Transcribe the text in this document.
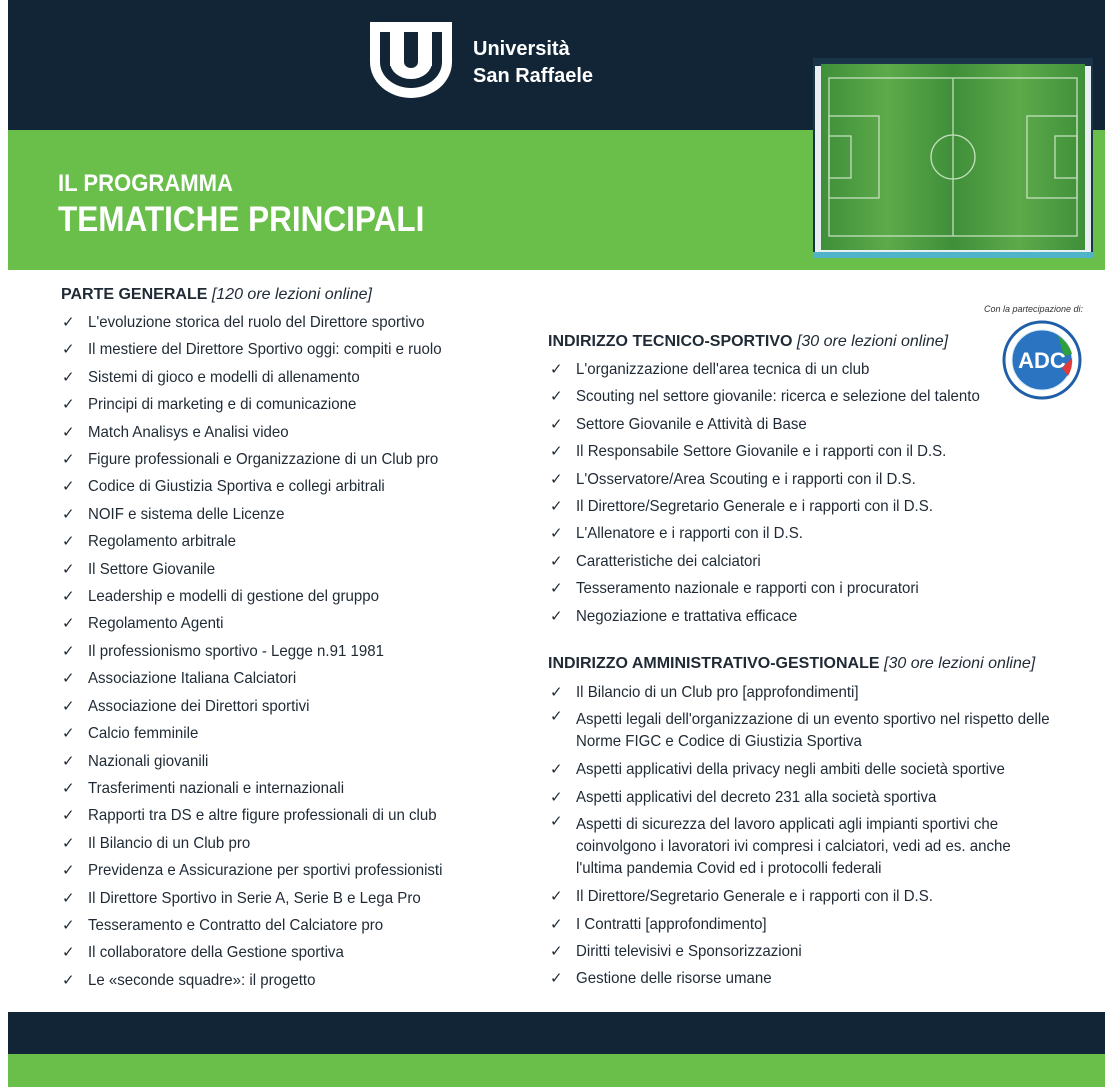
Università
San Raffaele
IL PROGRAMMA
TEMATICHE PRINCIPALI
PARTE GENERALE [120 ore lezioni online]
✓ L'evoluzione storica del ruolo del Direttore sportivo
✓ Il mestiere del Direttore Sportivo oggi: compiti e ruolo
✓ Sistemi di gioco e modelli di allenamento
✓ Principi di marketing e di comunicazione
✓ Match Analisys e Analisi video
✓ Figure professionali e Organizzazione di un Club pro
✓ Codice di Giustizia Sportiva e collegi arbitrali
✓ NOIF e sistema delle Licenze
✓ Regolamento arbitrale
✓ Il Settore Giovanile
✓ Leadership e modelli di gestione del gruppo
✓ Regolamento Agenti
✓ Il professionismo sportivo - Legge n.91 1981
✓ Associazione Italiana Calciatori
✓ Associazione dei Direttori sportivi
✓ Calcio femminile
✓ Nazionali giovanili
✓ Trasferimenti nazionali e internazionali
✓ Rapporti tra DS e altre figure professionali di un club
✓ Il Bilancio di un Club pro
✓ Previdenza e Assicurazione per sportivi professionisti
✓ Il Direttore Sportivo in Serie A, Serie B e Lega Pro
✓ Tesseramento e Contratto del Calciatore pro
✓ Il collaboratore della Gestione sportiva
✓ Le «seconde squadre»: il progetto
Con la partecipazione di:
ADC
INDIRIZZO TECNICO-SPORTIVO [30 ore lezioni online]
✓ L'organizzazione dell'area tecnica di un club
✓ Scouting nel settore giovanile: ricerca e selezione del talento
✓ Settore Giovanile e Attività di Base
✓ Il Responsabile Settore Giovanile e i rapporti con il D.S.
✓ L'Osservatore/Area Scouting e i rapporti con il D.S.
✓ Il Direttore/Segretario Generale e i rapporti con il D.S.
✓ L'Allenatore e i rapporti con il D.S.
✓ Caratteristiche dei calciatori
✓ Tesseramento nazionale e rapporti con i procuratori
✓ Negoziazione e trattativa efficace
INDIRIZZO AMMINISTRATIVO-GESTIONALE [30 ore lezioni online]
✓ Il Bilancio di un Club pro [approfondimenti]
✓ Aspetti legali dell'organizzazione di un evento sportivo nel rispetto delle Norme FIGC e Codice di Giustizia Sportiva
✓ Aspetti applicativi della privacy negli ambiti delle società sportive
✓ Aspetti applicativi del decreto 231 alla società sportiva
✓ Aspetti di sicurezza del lavoro applicati agli impianti sportivi che coinvolgono i lavoratori ivi compresi i calciatori, vedi ad es. anche l'ultima pandemia Covid ed i protocolli federali
✓ Il Direttore/Segretario Generale e i rapporti con il D.S.
✓ I Contratti [approfondimento]
✓ Diritti televisivi e Sponsorizzazioni
✓ Gestione delle risorse umane
